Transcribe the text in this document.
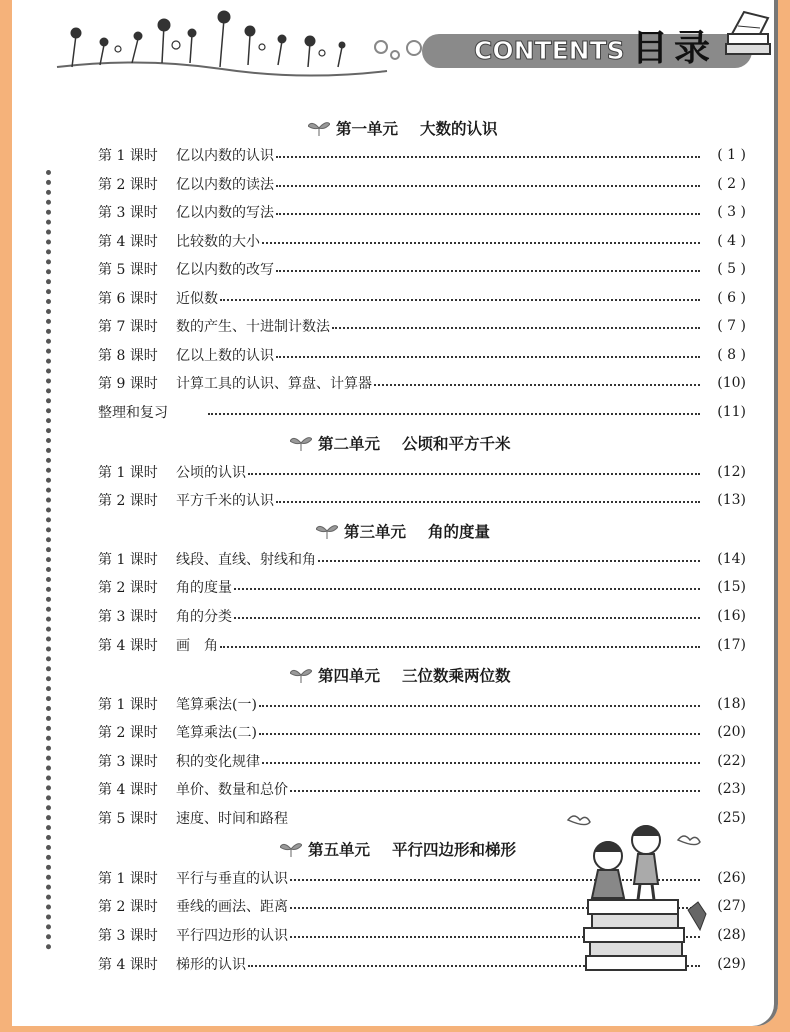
CONTENTS 目录
第一单元 大数的认识
第二单元 公顷和平方千米
第三单元 角的度量
第四单元 三位数乘两位数
第五单元 平行四边形和梯形
第 1 课时	亿以内数的认识	( 1 )
第 2 课时	亿以内数的读法	( 2 )
第 3 课时	亿以内数的写法	( 3 )
第 4 课时	比较数的大小	( 4 )
第 5 课时	亿以内数的改写	( 5 )
第 6 课时	近似数	( 6 )
第 7 课时	数的产生、十进制计数法	( 7 )
第 8 课时	亿以上数的认识	( 8 )
第 9 课时	计算工具的认识、算盘、计算器	(10)
整理和复习	(11)
第 1 课时	公顷的认识	(12)
第 2 课时	平方千米的认识	(13)
第 1 课时	线段、直线、射线和角	(14)
第 2 课时	角的度量	(15)
第 3 课时	角的分类	(16)
第 4 课时	画　角	(17)
第 1 课时	笔算乘法(一)	(18)
第 2 课时	笔算乘法(二)	(20)
第 3 课时	积的变化规律	(22)
第 4 课时	单价、数量和总价	(23)
第 5 课时	速度、时间和路程	(25)
第 1 课时	平行与垂直的认识	(26)
第 2 课时	垂线的画法、距离	(27)
第 3 课时	平行四边形的认识	(28)
第 4 课时	梯形的认识	(29)
